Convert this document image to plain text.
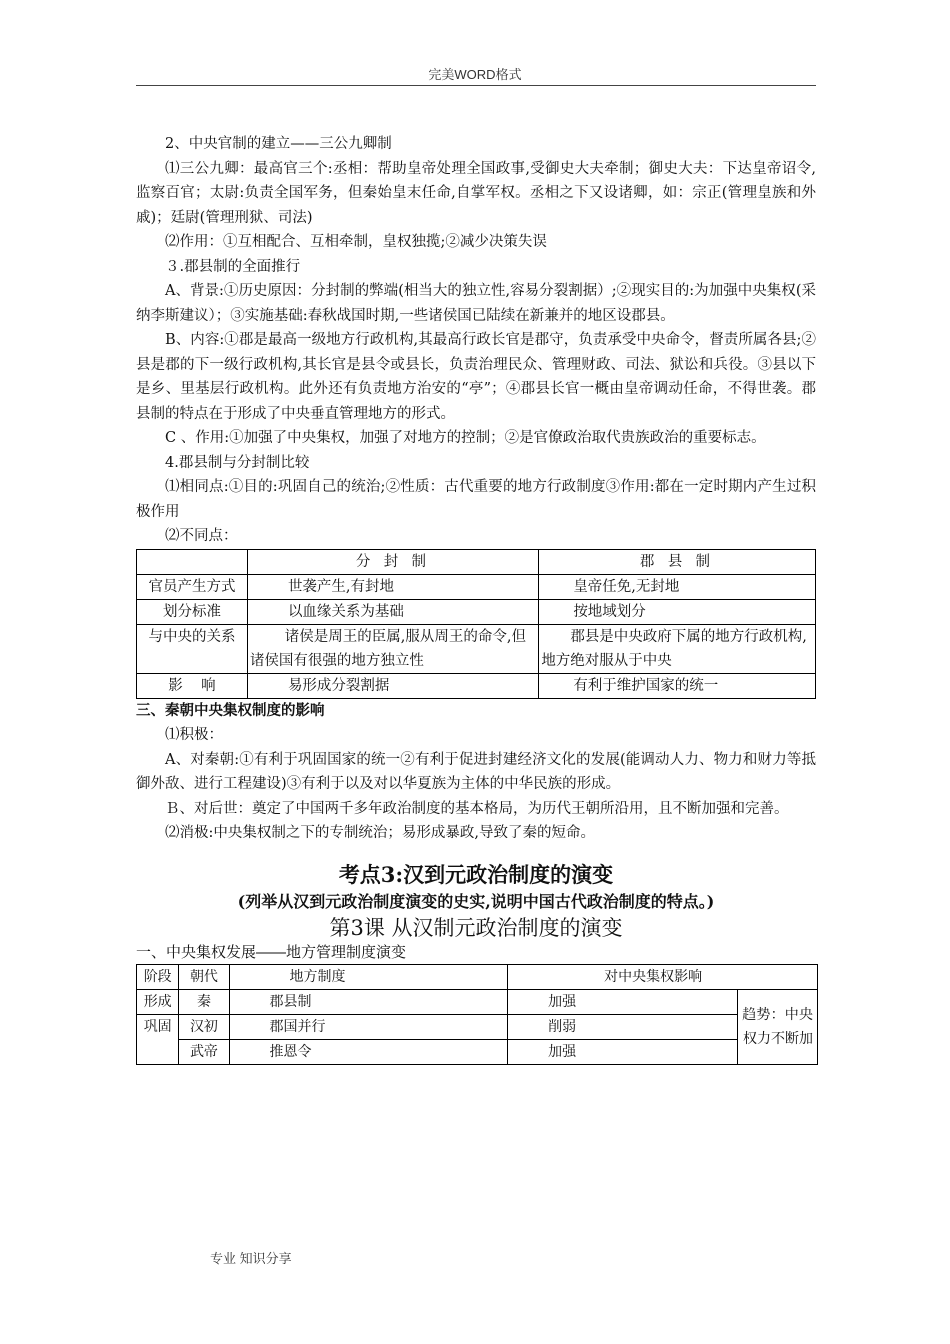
完美WORD格式

2、中央官制的建立——三公九卿制

⑴三公九卿：最高官三个:丞相：帮助皇帝处理全国政事,受御史大夫牵制；御史大夫：下达皇帝诏令,监察百官；太尉:负责全国军务，但秦始皇末任命,自掌军权。丞相之下又设诸卿，如：宗正(管理皇族和外戚)；廷尉(管理刑狱、司法)

⑵作用：①互相配合、互相牵制，皇权独揽;②减少决策失误

３.郡县制的全面推行

A、背景:①历史原因：分封制的弊端(相当大的独立性,容易分裂割据）;②现实目的:为加强中央集权(采纳李斯建议）；③实施基础:春秋战国时期,一些诸侯国已陆续在新兼并的地区设郡县。

B、内容:①郡是最高一级地方行政机构,其最高行政长官是郡守，负责承受中央命令，督责所属各县;②县是郡的下一级行政机构,其长官是县令或县长，负责治理民众、管理财政、司法、狱讼和兵役。③县以下是乡、里基层行政机构。此外还有负责地方治安的“亭”；④郡县长官一概由皇帝调动任命，不得世袭。郡县制的特点在于形成了中央垂直管理地方的形式。

C 、作用:①加强了中央集权，加强了对地方的控制；②是官僚政治取代贵族政治的重要标志。

4.郡县制与分封制比较

⑴相同点:①目的:巩固自己的统治;②性质：古代重要的地方行政制度③作用:都在一定时期内产生过积极作用

⑵不同点：

	分 封 制	郡 县 制
官员产生方式	世袭产生,有封地	皇帝任免,无封地
划分标准	以血缘关系为基础	按地域划分
与中央的关系	诸侯是周王的臣属,服从周王的命令,但诸侯国有很强的地方独立性	郡县是中央政府下属的地方行政机构,地方绝对服从于中央
影    响	易形成分裂割据	有利于维护国家的统一

三、秦朝中央集权制度的影响

⑴积极：

A、对秦朝:①有利于巩固国家的统一②有利于促进封建经济文化的发展(能调动人力、物力和财力等抵御外敌、进行工程建设)③有利于以及对以华夏族为主体的中华民族的形成。

Ｂ、对后世：奠定了中国两千多年政治制度的基本格局，为历代王朝所沿用，且不断加强和完善。

⑵消极:中央集权制之下的专制统治；易形成暴政,导致了秦的短命。

考点3:汉到元政治制度的演变
(列举从汉到元政治制度演变的史实,说明中国古代政治制度的特点。)
第3课 从汉制元政治制度的演变
一、中央集权发展——地方管理制度演变
阶段	朝代	地方制度	对中央集权影响	
形成	秦	郡县制	加强	趋势：中央权力不断加
巩固	汉初	郡国并行	削弱	
	武帝	推恩令	加强	
专业 知识分享
